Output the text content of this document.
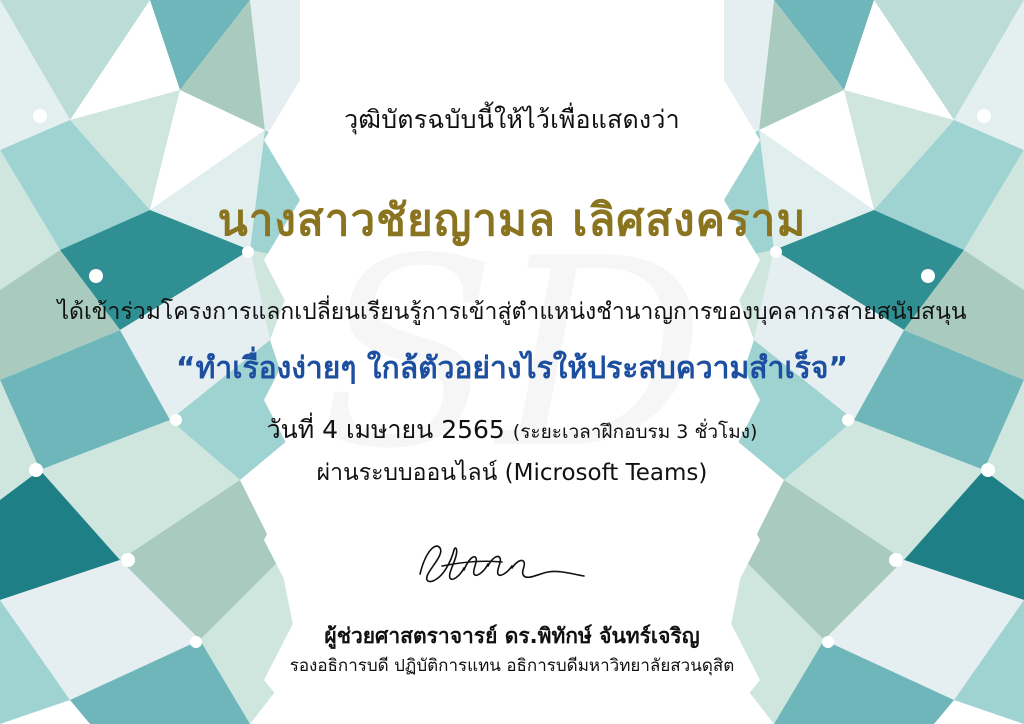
วุฒิบัตรฉบับนี้ให้ไว้เพื่อแสดงว่า
นางสาวชัยญามล เลิศสงคราม
ได้เข้าร่วมโครงการแลกเปลี่ยนเรียนรู้การเข้าสู่ตำแหน่งชำนาญการของบุคลากรสายสนับสนุน
“ทำเรื่องง่ายๆ ใกล้ตัวอย่างไรให้ประสบความสำเร็จ”
วันที่ 4 เมษายน 2565 (ระยะเวลาฝึกอบรม 3 ชั่วโมง)
ผ่านระบบออนไลน์ (Microsoft Teams)
ผู้ช่วยศาสตราจารย์ ดร.พิทักษ์ จันทร์เจริญ
รองอธิการบดี ปฏิบัติการแทน อธิการบดีมหาวิทยาลัยสวนดุสิต
